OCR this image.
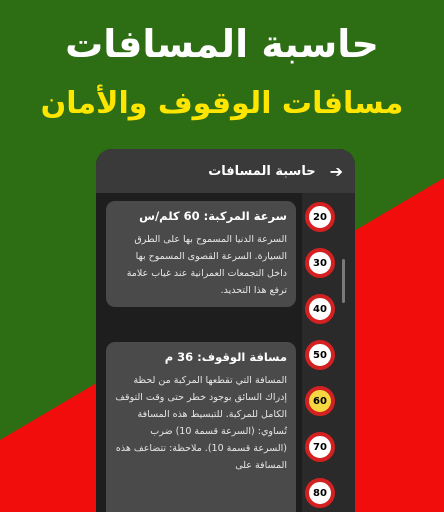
حاسبة المسافات
مسافات الوقوف والأمان
➔
حاسبة المسافات
سرعة المركبة: 60 كلم/س
السرعة الدنيا المسموح بها على الطرق السيارة. السرعة القصوى المسموح بها داخل التجمعات العمرانية عند غياب علامة ترفع هذا التحديد.
مسافة الوقوف: 36 م
المسافة التي تقطعها المركبة من لحظة إدراك السائق بوجود خطر حتى وقت التوقف الكامل للمركبة. للتبسيط هذه المسافة تُساوي: (السرعة قسمة 10) ضرب (السرعة قسمة 10). ملاحظة: تتضاعف هذه المسافة على
20
30
40
50
60
70
80
